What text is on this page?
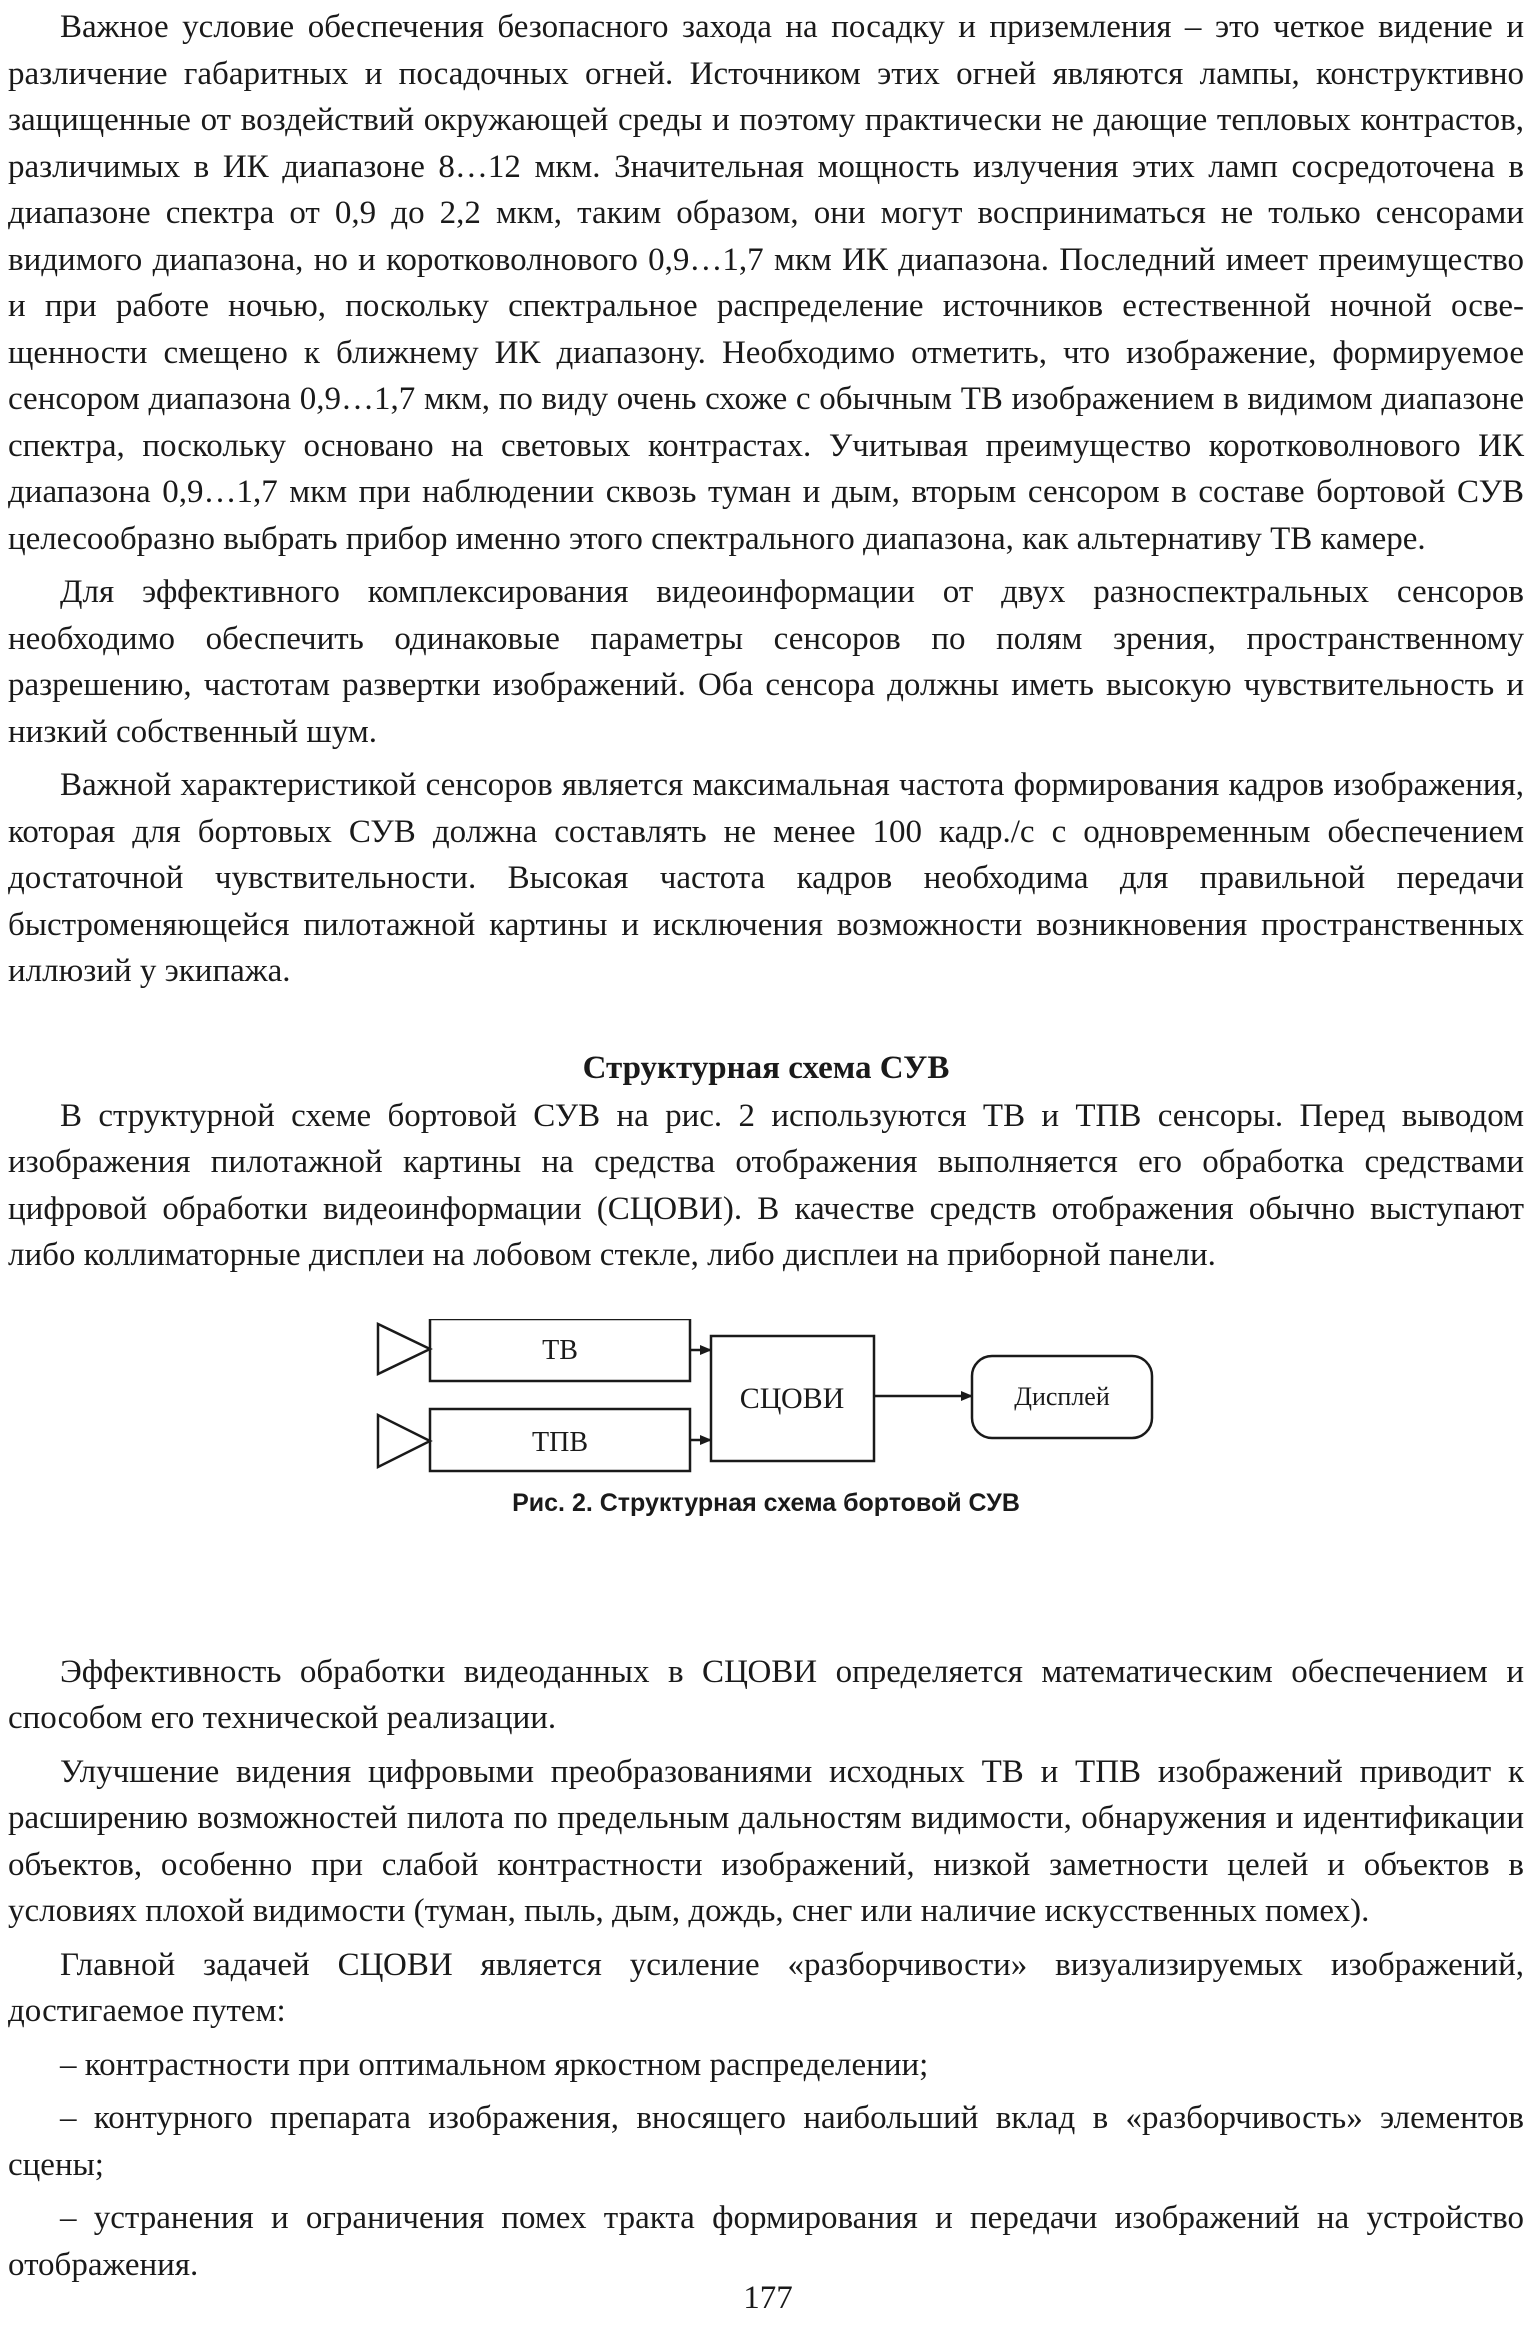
Важное условие обеспечения безопасного захода на посадку и приземления – это четкое видение и различение габаритных и посадочных огней. Источником этих огней являются лампы, конструктивно защищенные от воздействий окружающей среды и поэтому практически не дающие тепловых контрастов, различимых в ИК диапазоне 8…12 мкм. Значительная мощность излучения этих ламп сосредоточена в диапазоне спектра от 0,9 до 2,2 мкм, таким образом, они могут восприниматься не только сенсорами видимого диапазона, но и коротковолнового 0,9…1,7 мкм ИК диапазона. Последний имеет преимущество и при работе ночью, поскольку спектральное распределение источников естественной ночной освещенности смещено к ближнему ИК диапазону. Необходимо отметить, что изображение, формируемое сенсором диапазона 0,9…1,7 мкм, по виду очень схоже с обычным ТВ изображением в видимом диапазоне спектра, поскольку основано на световых контрастах. Учитывая преимущество коротковолнового ИК диапазона 0,9…1,7 мкм при наблюдении сквозь туман и дым, вторым сенсором в составе бортовой СУВ целесообразно выбрать прибор именно этого спектрального диапазона, как альтернативу ТВ камере.

Для эффективного комплексирования видеоинформации от двух разноспектральных сенсоров необходимо обеспечить одинаковые параметры сенсоров по полям зрения, пространственному разрешению, частотам развертки изображений. Оба сенсора должны иметь высокую чувствительность и низкий собственный шум.

Важной характеристикой сенсоров является максимальная частота формирования кадров изображения, которая для бортовых СУВ должна составлять не менее 100 кадр./с с одновременным обеспечением достаточной чувствительности. Высокая частота кадров необходима для правильной передачи быстроменяющейся пилотажной картины и исключения возможности возникновения пространственных иллюзий у экипажа.

Структурная схема СУВ

В структурной схеме бортовой СУВ на рис. 2 используются ТВ и ТПВ сенсоры. Перед выводом изображения пилотажной картины на средства отображения выполняется его обработка средствами цифровой обработки видеоинформации (СЦОВИ). В качестве средств отображения обычно выступают либо коллиматорные дисплеи на лобовом стекле, либо дисплеи на приборной панели.

ТВ
ТПВ
СЦОВИ	Дисплей
Рис. 2. Структурная схема бортовой СУВ

Эффективность обработки видеоданных в СЦОВИ определяется математическим обеспечением и способом его технической реализации.

Улучшение видения цифровыми преобразованиями исходных ТВ и ТПВ изображений приводит к расширению возможностей пилота по предельным дальностям видимости, обнаружения и идентификации объектов, особенно при слабой контрастности изображений, низкой заметности целей и объектов в условиях плохой видимости (туман, пыль, дым, дождь, снег или наличие искусственных помех).

Главной задачей СЦОВИ является усиление «разборчивости» визуализируемых изображений, достигаемое путем:

– контрастности при оптимальном яркостном распределении;

– контурного препарата изображения, вносящего наибольший вклад в «разборчивость» элементов сцены;

– устранения и ограничения помех тракта формирования и передачи изображений на устройство отображения.

177
